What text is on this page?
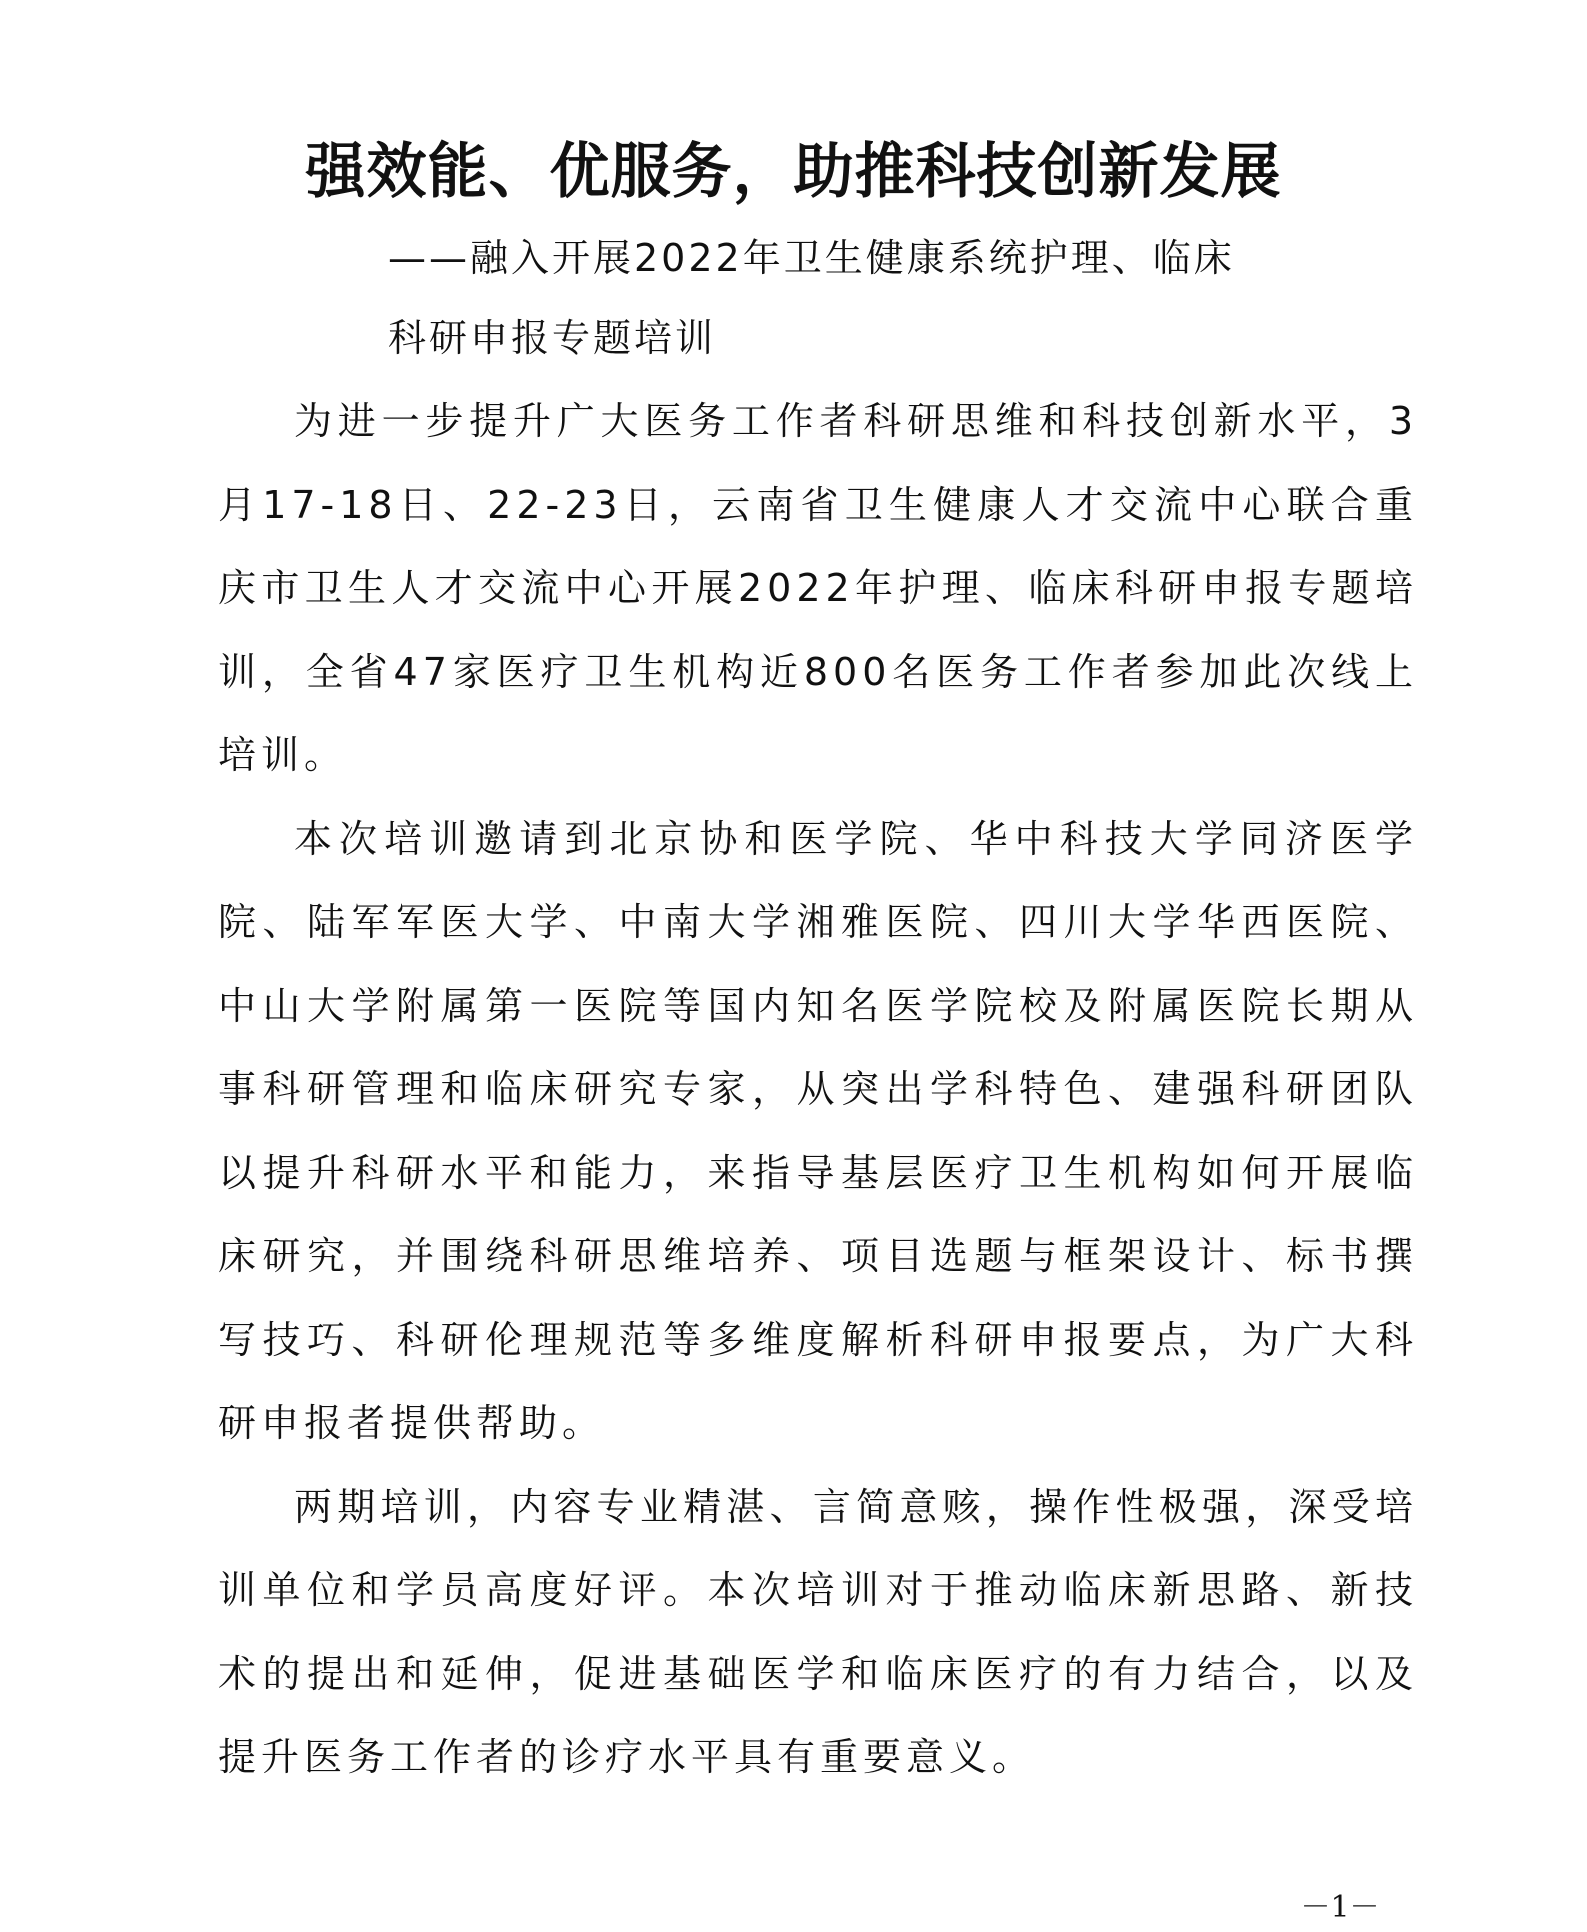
强效能、优服务，助推科技创新发展
——融入开展2022年卫生健康系统护理、临床
科研申报专题培训

为进一步提升广大医务工作者科研思维和科技创新水平，3月17-18日、22-23日，云南省卫生健康人才交流中心联合重庆市卫生人才交流中心开展2022年护理、临床科研申报专题培训，全省47家医疗卫生机构近800名医务工作者参加此次线上培训。

本次培训邀请到北京协和医学院、华中科技大学同济医学院、陆军军医大学、中南大学湘雅医院、四川大学华西医院、中山大学附属第一医院等国内知名医学院校及附属医院长期从事科研管理和临床研究专家，从突出学科特色、建强科研团队以提升科研水平和能力，来指导基层医疗卫生机构如何开展临床研究，并围绕科研思维培养、项目选题与框架设计、标书撰写技巧、科研伦理规范等多维度解析科研申报要点，为广大科研申报者提供帮助。

两期培训，内容专业精湛、言简意赅，操作性极强，深受培训单位和学员高度好评。本次培训对于推动临床新思路、新技术的提出和延伸，促进基础医学和临床医疗的有力结合，以及提升医务工作者的诊疗水平具有重要意义。

－1－
